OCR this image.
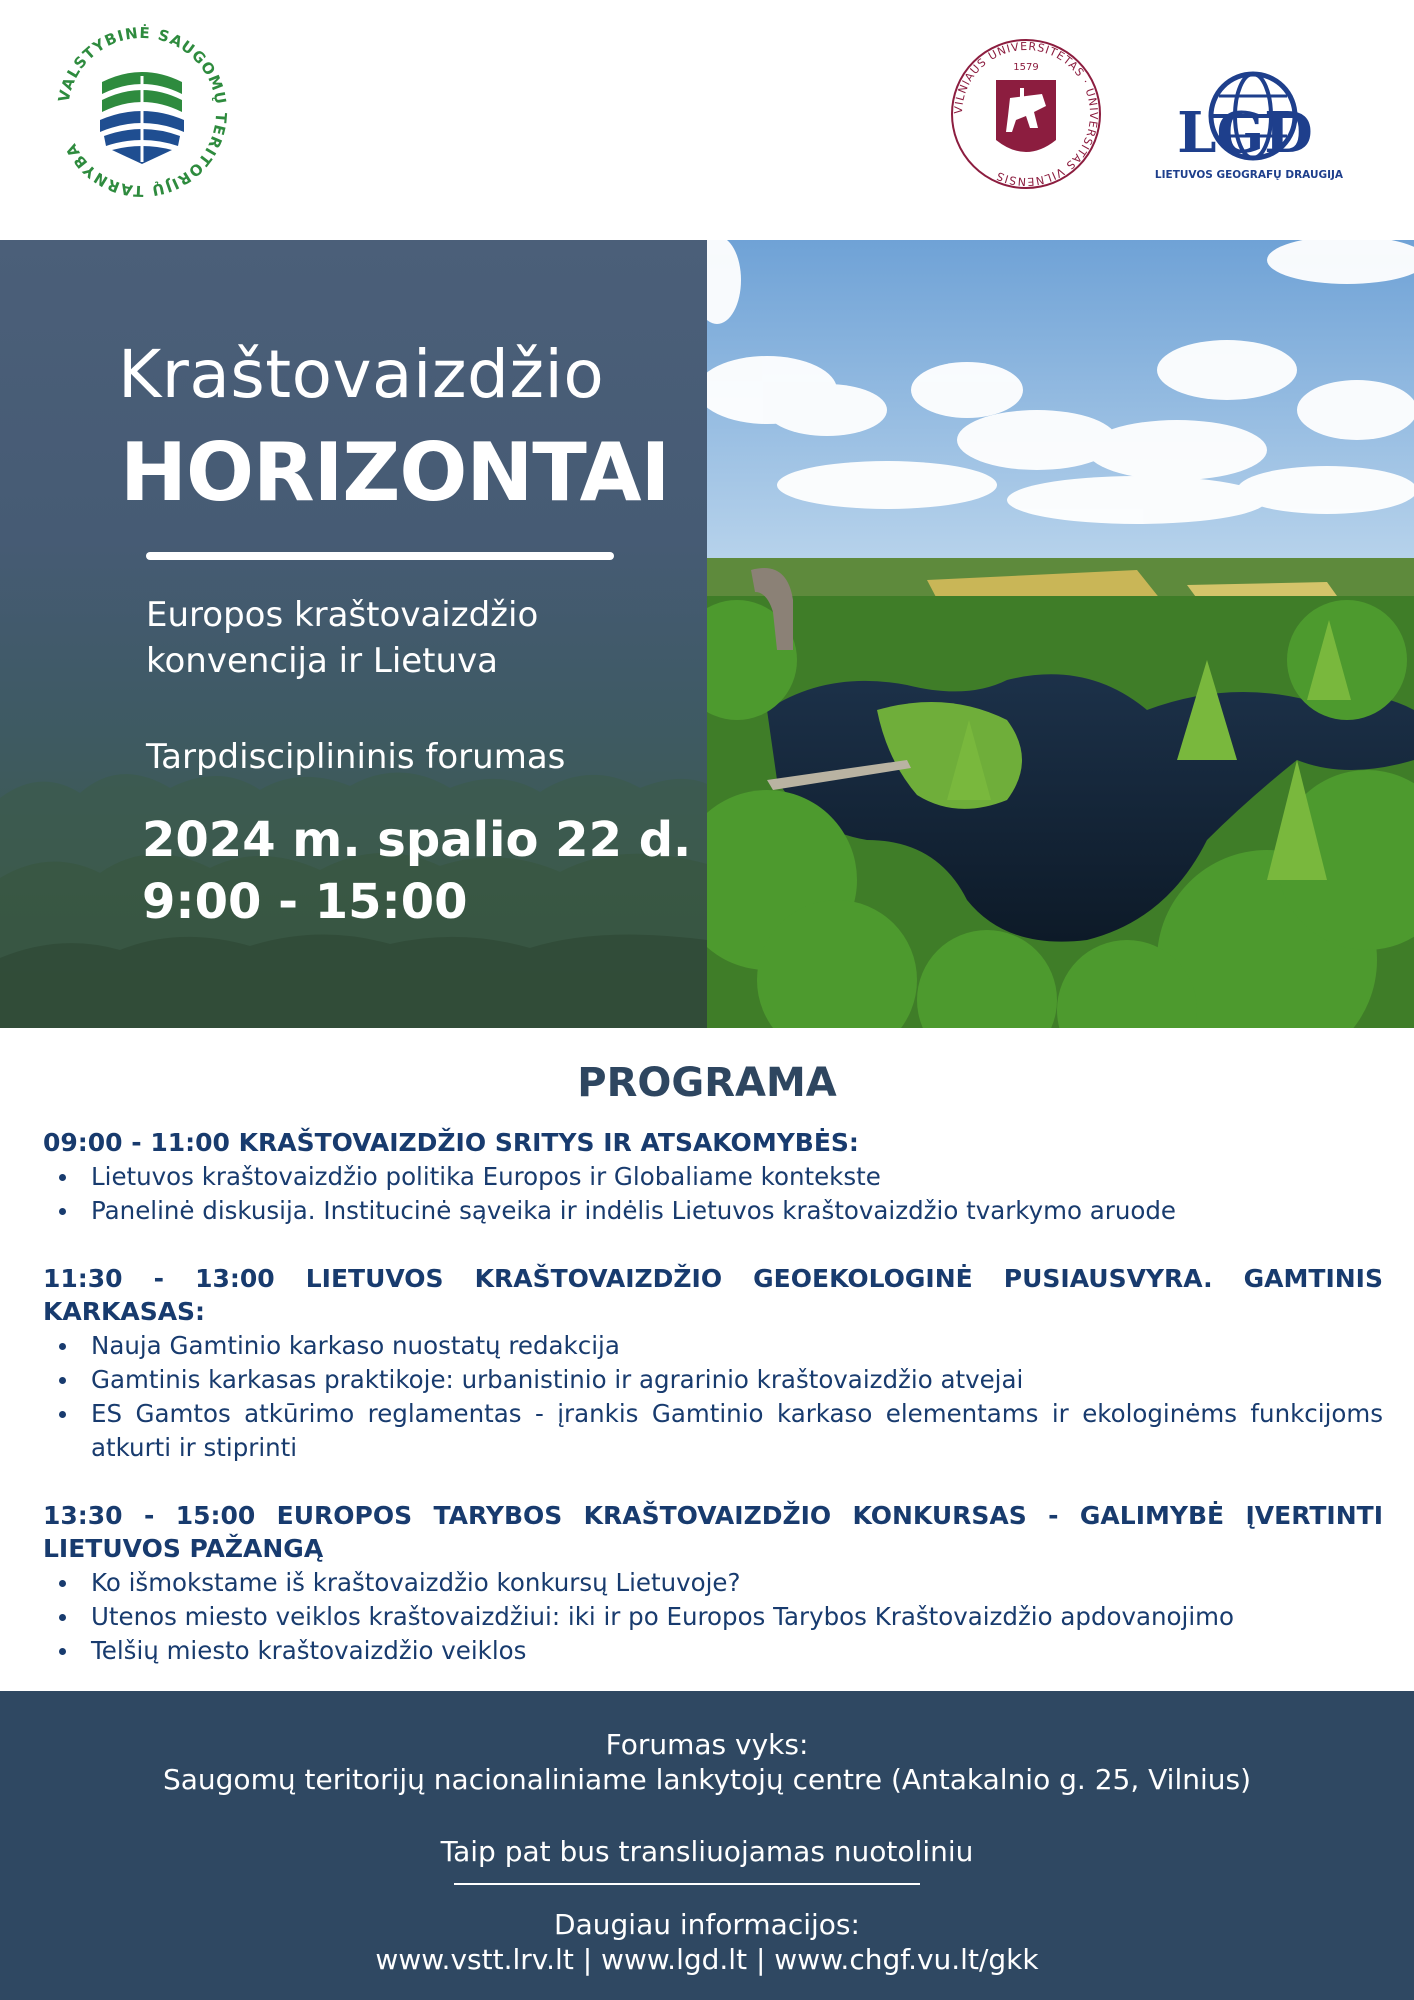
VALSTYBINĖ SAUGOMŲ TERITORIJŲ TARNYBA
VILNIAUS UNIVERSITETAS · UNIVERSITAS VILNENSIS
1579
LGD
LIETUVOS GEOGRAFŲ DRAUGIJA
Kraštovaizdžio
HORIZONTAI
Europos kraštovaizdžio
konvencija ir Lietuva
Tarpdisciplininis forumas
2024 m. spalio 22 d.
9:00 - 15:00
PROGRAMA
09:00 - 11:00 KRAŠTOVAIZDŽIO SRITYS IR ATSAKOMYBĖS:
Lietuvos kraštovaizdžio politika Europos ir Globaliame kontekste
Panelinė diskusija. Institucinė sąveika ir indėlis Lietuvos kraštovaizdžio tvarkymo aruode
11:30 - 13:00 LIETUVOS KRAŠTOVAIZDŽIO GEOEKOLOGINĖ PUSIAUSVYRA. GAMTINIS KARKASAS:
Nauja Gamtinio karkaso nuostatų redakcija
Gamtinis karkasas praktikoje: urbanistinio ir agrarinio kraštovaizdžio atvejai
ES Gamtos atkūrimo reglamentas - įrankis Gamtinio karkaso elementams ir ekologinėms funkcijoms atkurti ir stiprinti
13:30 - 15:00 EUROPOS TARYBOS KRAŠTOVAIZDŽIO KONKURSAS - GALIMYBĖ ĮVERTINTI LIETUVOS PAŽANGĄ
Ko išmokstame iš kraštovaizdžio konkursų Lietuvoje?
Utenos miesto veiklos kraštovaizdžiui: iki ir po Europos Tarybos Kraštovaizdžio apdovanojimo
Telšių miesto kraštovaizdžio veiklos
Forumas vyks:
Saugomų teritorijų nacionaliniame lankytojų centre (Antakalnio g. 25, Vilnius)
Taip pat bus transliuojamas nuotoliniu
Daugiau informacijos:
www.vstt.lrv.lt | www.lgd.lt | www.chgf.vu.lt/gkk
